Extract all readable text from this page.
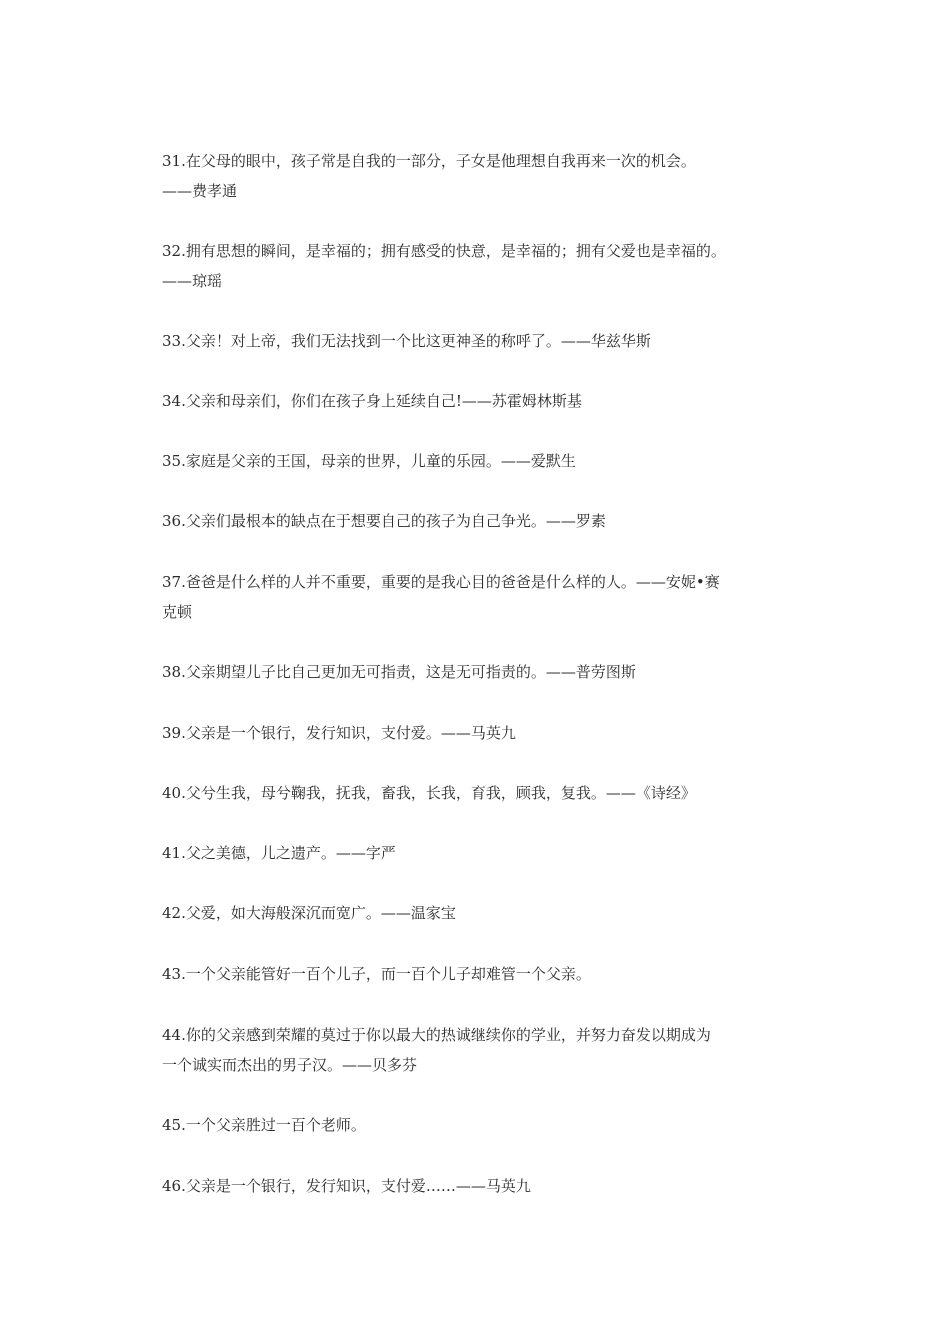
31.在父母的眼中，孩子常是自我的一部分，子女是他理想自我再来一次的机会。
——费孝通

32.拥有思想的瞬间，是幸福的；拥有感受的快意，是幸福的；拥有父爱也是幸福的。
——琼瑶

33.父亲！对上帝，我们无法找到一个比这更神圣的称呼了。——华兹华斯

34.父亲和母亲们，你们在孩子身上延续自己!——苏霍姆林斯基

35.家庭是父亲的王国，母亲的世界，儿童的乐园。——爱默生

36.父亲们最根本的缺点在于想要自己的孩子为自己争光。——罗素

37.爸爸是什么样的人并不重要，重要的是我心目的爸爸是什么样的人。——安妮•赛
克顿

38.父亲期望儿子比自己更加无可指责，这是无可指责的。——普劳图斯

39.父亲是一个银行，发行知识，支付爱。——马英九

40.父兮生我，母兮鞠我，抚我，畜我，长我，育我，顾我，复我。——《诗经》

41.父之美德，儿之遗产。——字严

42.父爱，如大海般深沉而宽广。——温家宝

43.一个父亲能管好一百个儿子，而一百个儿子却难管一个父亲。

44.你的父亲感到荣耀的莫过于你以最大的热诚继续你的学业，并努力奋发以期成为
一个诚实而杰出的男子汉。——贝多芬

45.一个父亲胜过一百个老师。

46.父亲是一个银行，发行知识，支付爱……——马英九
